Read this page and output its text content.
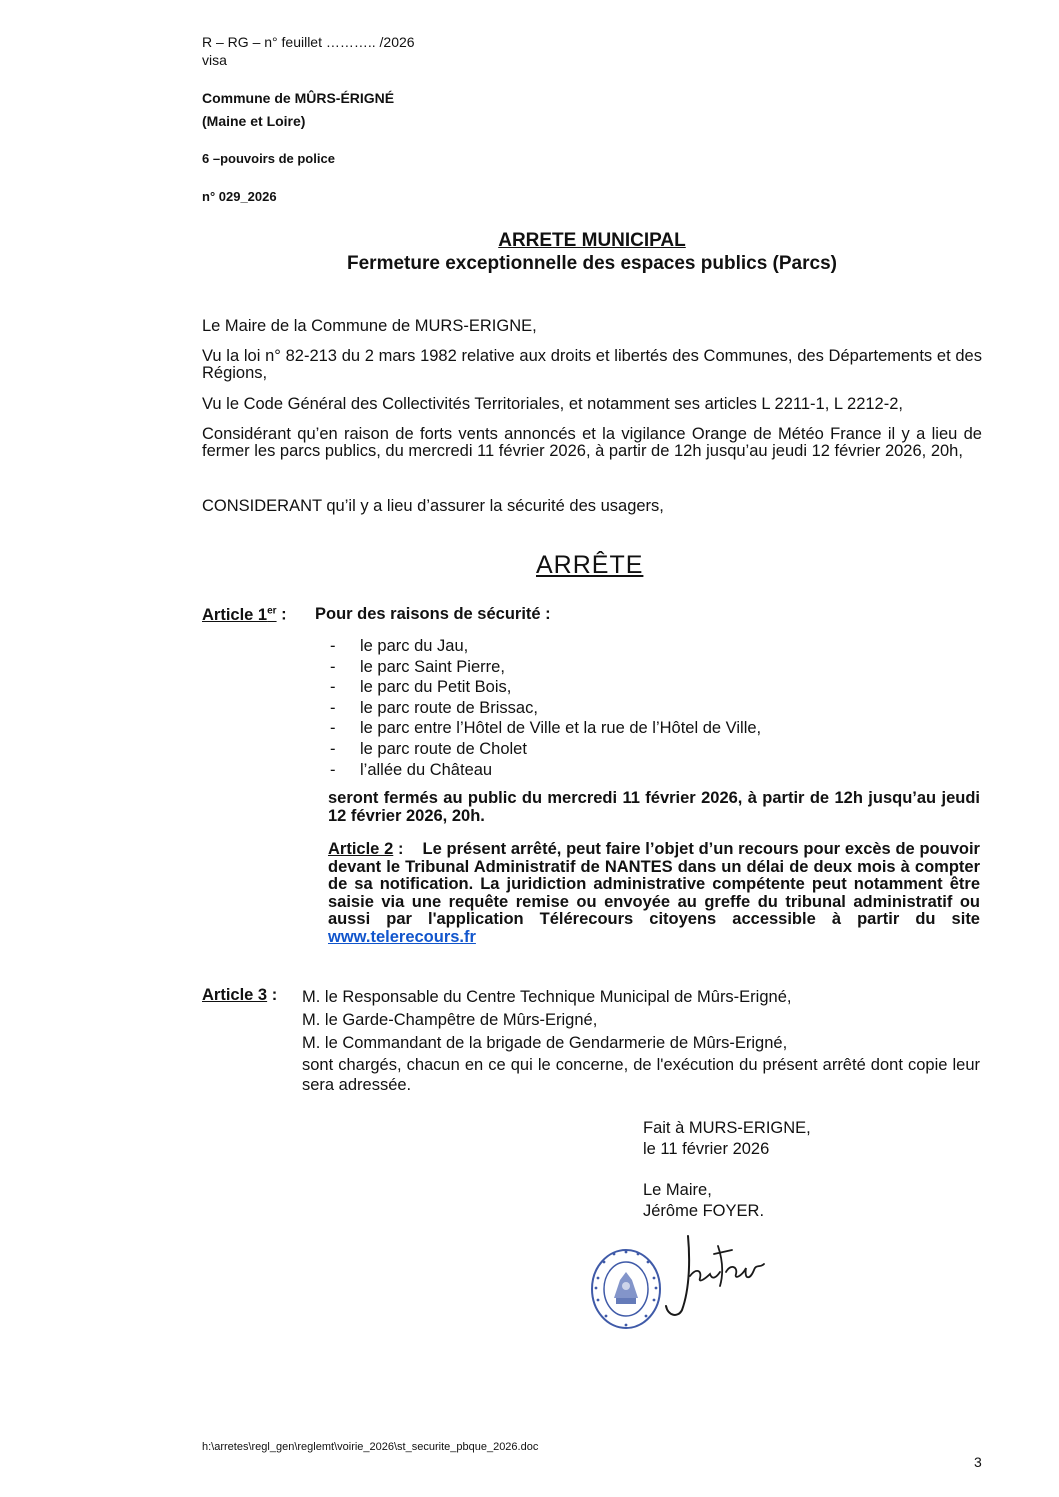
R – RG – n° feuillet ……….. /2026
visa
Commune de MÛRS-ÉRIGNÉ
(Maine et Loire)
6 –pouvoirs de police
n° 029_2026
ARRETE MUNICIPAL
Fermeture exceptionnelle des espaces publics (Parcs)
Le Maire de la Commune de MURS-ERIGNE,
Vu la loi n° 82-213 du 2 mars 1982 relative aux droits et libertés des Communes, des Départements et des Régions,
Vu le Code Général des Collectivités Territoriales, et notamment ses articles L 2211-1, L 2212-2,
Considérant qu’en raison de forts vents annoncés et la vigilance Orange de Météo France il y a lieu de fermer les parcs publics, du mercredi 11 février 2026, à partir de 12h jusqu’au jeudi 12 février 2026, 20h,
CONSIDERANT qu’il y a lieu d’assurer la sécurité des usagers,
ARRÊTE
Article 1er : Pour des raisons de sécurité :
- le parc du Jau,
- le parc Saint Pierre,
- le parc du Petit Bois,
- le parc route de Brissac,
- le parc entre l’Hôtel de Ville et la rue de l’Hôtel de Ville,
- le parc route de Cholet
- l’allée du Château
seront fermés au public du mercredi 11 février 2026, à partir de 12h jusqu’au jeudi 12 février 2026, 20h.
Article 2 : Le présent arrêté, peut faire l’objet d’un recours pour excès de pouvoir devant le Tribunal Administratif de NANTES dans un délai de deux mois à compter de sa notification. La juridiction administrative compétente peut notamment être saisie via une requête remise ou envoyée au greffe du tribunal administratif ou aussi par l'application Télérecours citoyens accessible à partir du site www.telerecours.fr
Article 3 : M. le Responsable du Centre Technique Municipal de Mûrs-Erigné,
M. le Garde-Champêtre de Mûrs-Erigné,
M. le Commandant de la brigade de Gendarmerie de Mûrs-Erigné,
sont chargés, chacun en ce qui le concerne, de l'exécution du présent arrêté dont copie leur sera adressée.
Fait à MURS-ERIGNE,
le 11 février 2026
Le Maire,
Jérôme FOYER.
h:\arretes\regl_gen\reglemt\voirie_2026\st_securite_pbque_2026.doc
3
